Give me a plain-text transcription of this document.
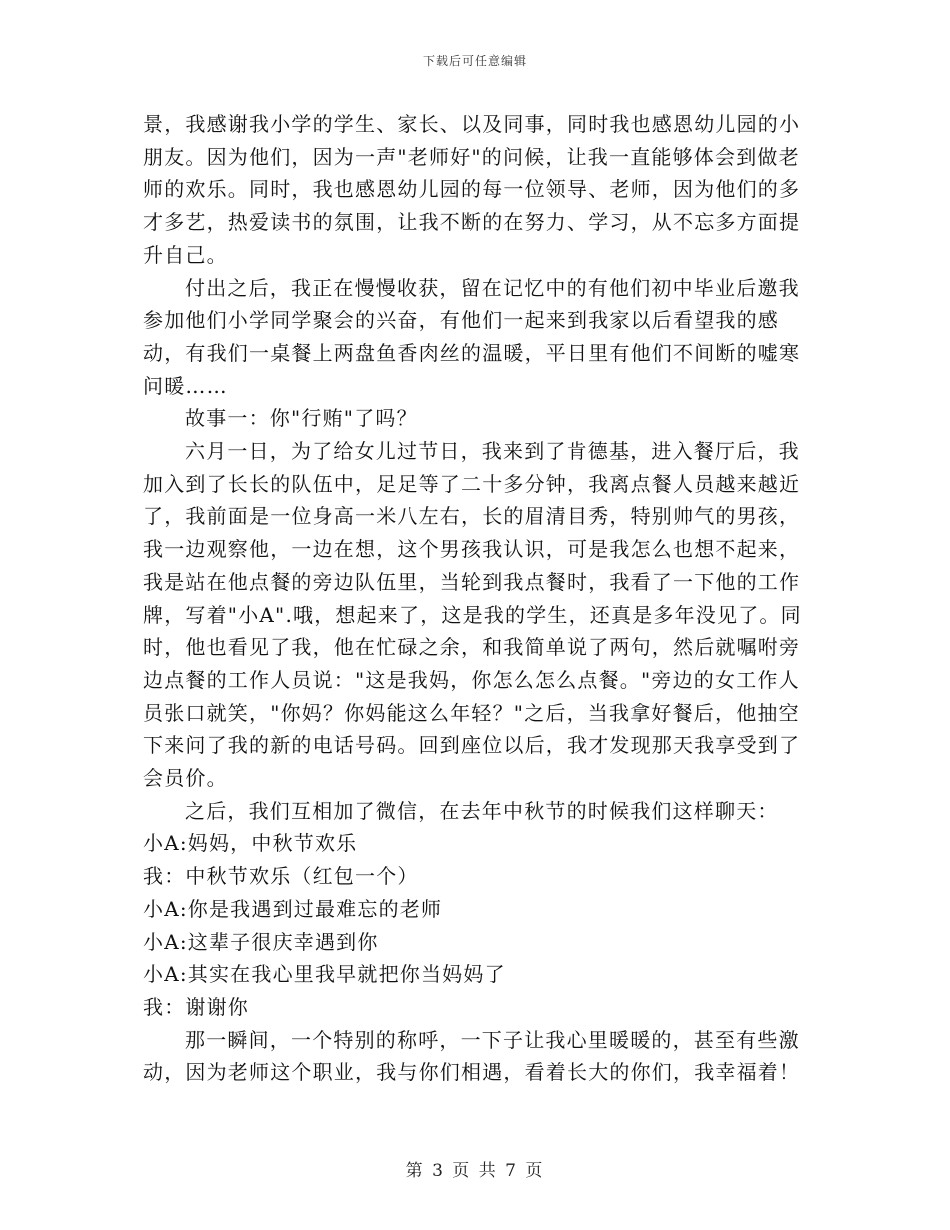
下载后可任意编辑

景，我感谢我小学的学生、家长、以及同事，同时我也感恩幼儿园的小朋友。因为他们，因为一声"老师好"的问候，让我一直能够体会到做老师的欢乐。同时，我也感恩幼儿园的每一位领导、老师，因为他们的多才多艺，热爱读书的氛围，让我不断的在努力、学习，从不忘多方面提升自己。

付出之后，我正在慢慢收获，留在记忆中的有他们初中毕业后邀我参加他们小学同学聚会的兴奋，有他们一起来到我家以后看望我的感动，有我们一桌餐上两盘鱼香肉丝的温暖，平日里有他们不间断的嘘寒问暖……

故事一：你"行贿"了吗？

六月一日，为了给女儿过节日，我来到了肯德基，进入餐厅后，我加入到了长长的队伍中，足足等了二十多分钟，我离点餐人员越来越近了，我前面是一位身高一米八左右，长的眉清目秀，特别帅气的男孩，我一边观察他，一边在想，这个男孩我认识，可是我怎么也想不起来，我是站在他点餐的旁边队伍里，当轮到我点餐时，我看了一下他的工作牌，写着"小A".哦，想起来了，这是我的学生，还真是多年没见了。同时，他也看见了我，他在忙碌之余，和我简单说了两句，然后就嘱咐旁边点餐的工作人员说："这是我妈，你怎么怎么点餐。"旁边的女工作人员张口就笑，"你妈？你妈能这么年轻？"之后，当我拿好餐后，他抽空下来问了我的新的电话号码。回到座位以后，我才发现那天我享受到了会员价。

之后，我们互相加了微信，在去年中秋节的时候我们这样聊天：

小A:妈妈，中秋节欢乐

我：中秋节欢乐（红包一个）

小A:你是我遇到过最难忘的老师

小A:这辈子很庆幸遇到你

小A:其实在我心里我早就把你当妈妈了

我：谢谢你

那一瞬间，一个特别的称呼，一下子让我心里暖暖的，甚至有些激动，因为老师这个职业，我与你们相遇，看着长大的你们，我幸福着！

第 3 页 共 7 页
